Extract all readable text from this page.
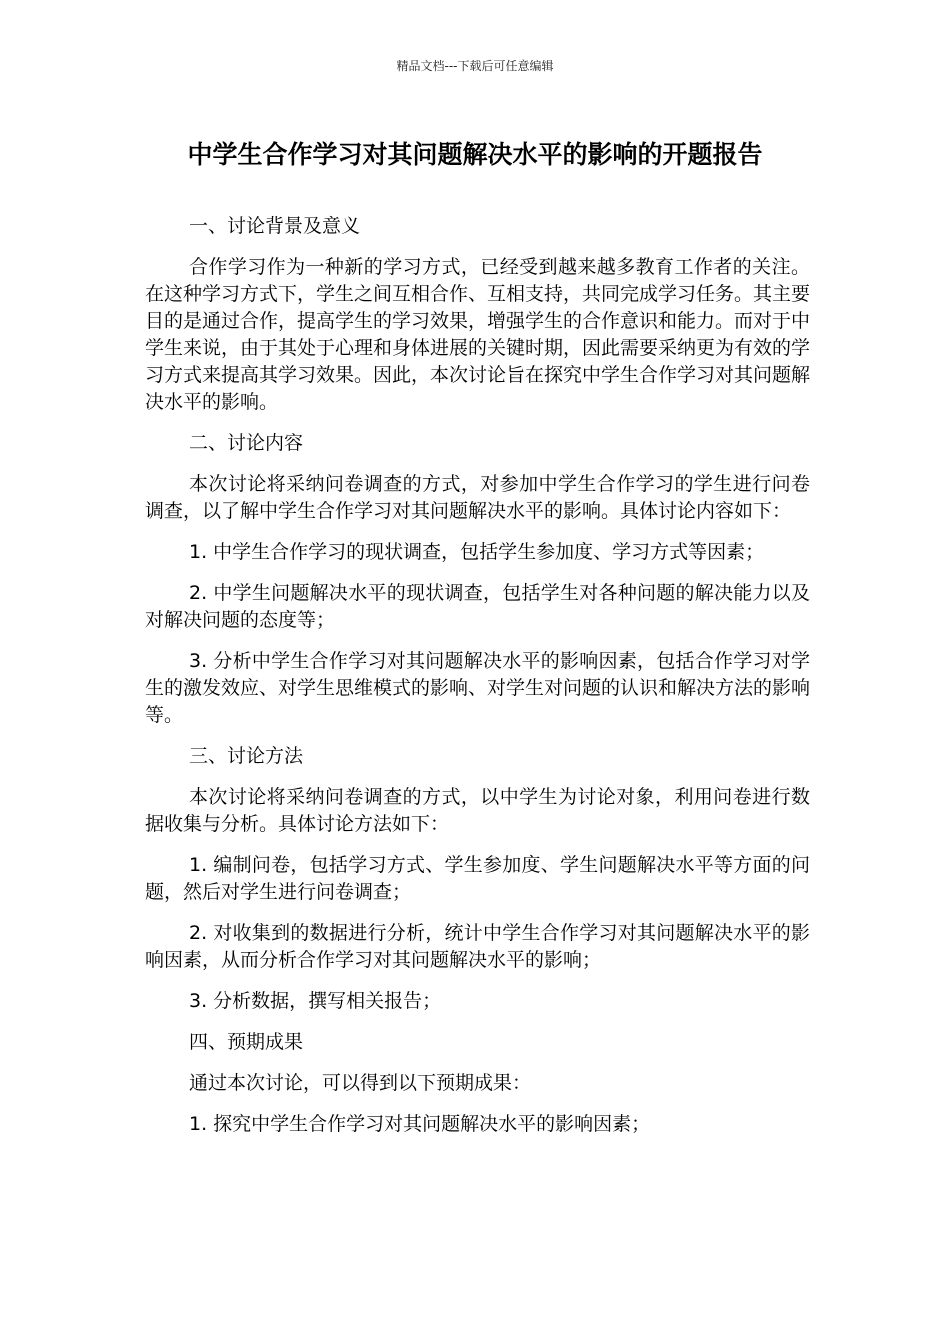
精品文档---下载后可任意编辑
中学生合作学习对其问题解决水平的影响的开题报告

一、讨论背景及意义

合作学习作为一种新的学习方式，已经受到越来越多教育工作者的关注。在这种学习方式下，学生之间互相合作、互相支持，共同完成学习任务。其主要目的是通过合作，提高学生的学习效果，增强学生的合作意识和能力。而对于中学生来说，由于其处于心理和身体进展的关键时期，因此需要采纳更为有效的学习方式来提高其学习效果。因此，本次讨论旨在探究中学生合作学习对其问题解决水平的影响。

二、讨论内容

本次讨论将采纳问卷调查的方式，对参加中学生合作学习的学生进行问卷调查，以了解中学生合作学习对其问题解决水平的影响。具体讨论内容如下：

1. 中学生合作学习的现状调查，包括学生参加度、学习方式等因素；

2. 中学生问题解决水平的现状调查，包括学生对各种问题的解决能力以及对解决问题的态度等；

3. 分析中学生合作学习对其问题解决水平的影响因素，包括合作学习对学生的激发效应、对学生思维模式的影响、对学生对问题的认识和解决方法的影响等。

三、讨论方法

本次讨论将采纳问卷调查的方式，以中学生为讨论对象，利用问卷进行数据收集与分析。具体讨论方法如下：

1. 编制问卷，包括学习方式、学生参加度、学生问题解决水平等方面的问题，然后对学生进行问卷调查；

2. 对收集到的数据进行分析，统计中学生合作学习对其问题解决水平的影响因素，从而分析合作学习对其问题解决水平的影响；

3. 分析数据，撰写相关报告；

四、预期成果

通过本次讨论，可以得到以下预期成果：

1. 探究中学生合作学习对其问题解决水平的影响因素；
